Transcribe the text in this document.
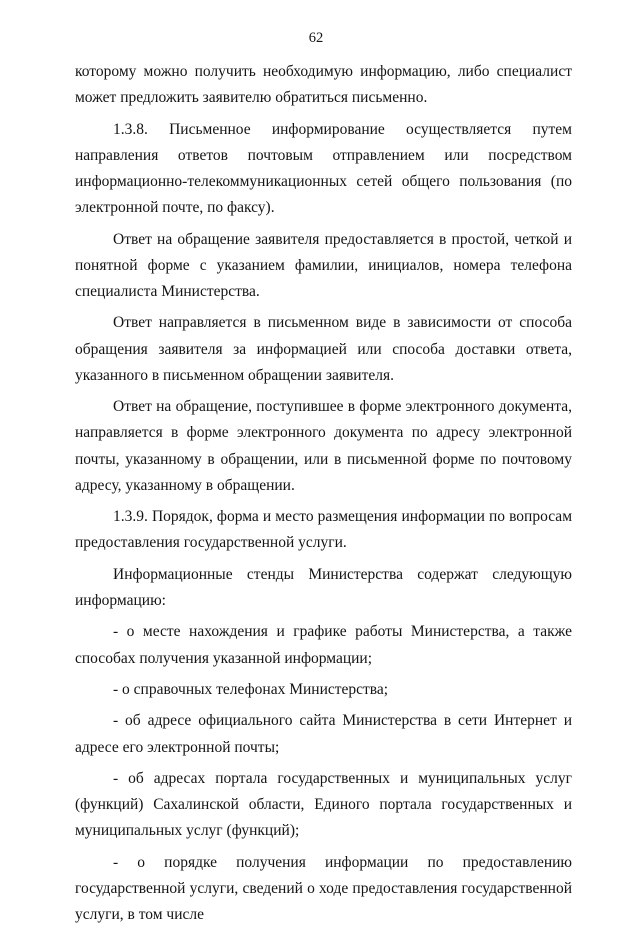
62

которому можно получить необходимую информацию, либо специалист может предложить заявителю обратиться письменно.

1.3.8. Письменное информирование осуществляется путем направления ответов почтовым отправлением или посредством информационно-телекоммуникационных сетей общего пользования (по электронной почте, по факсу).

Ответ на обращение заявителя предоставляется в простой, четкой и понятной форме с указанием фамилии, инициалов, номера телефона специалиста Министерства.

Ответ направляется в письменном виде в зависимости от способа обращения заявителя за информацией или способа доставки ответа, указанного в письменном обращении заявителя.

Ответ на обращение, поступившее в форме электронного документа, направляется в форме электронного документа по адресу электронной почты, указанному в обращении, или в письменной форме по почтовому адресу, указанному в обращении.

1.3.9. Порядок, форма и место размещения информации по вопросам предоставления государственной услуги.

Информационные стенды Министерства содержат следующую информацию:

- о месте нахождения и графике работы Министерства, а также способах получения указанной информации;

- о справочных телефонах Министерства;

- об адресе официального сайта Министерства в сети Интернет и адресе его электронной почты;

- об адресах портала государственных и муниципальных услуг (функций) Сахалинской области, Единого портала государственных и муниципальных услуг (функций);

- о порядке получения информации по предоставлению государственной услуги, сведений о ходе предоставления государственной услуги, в том числе
